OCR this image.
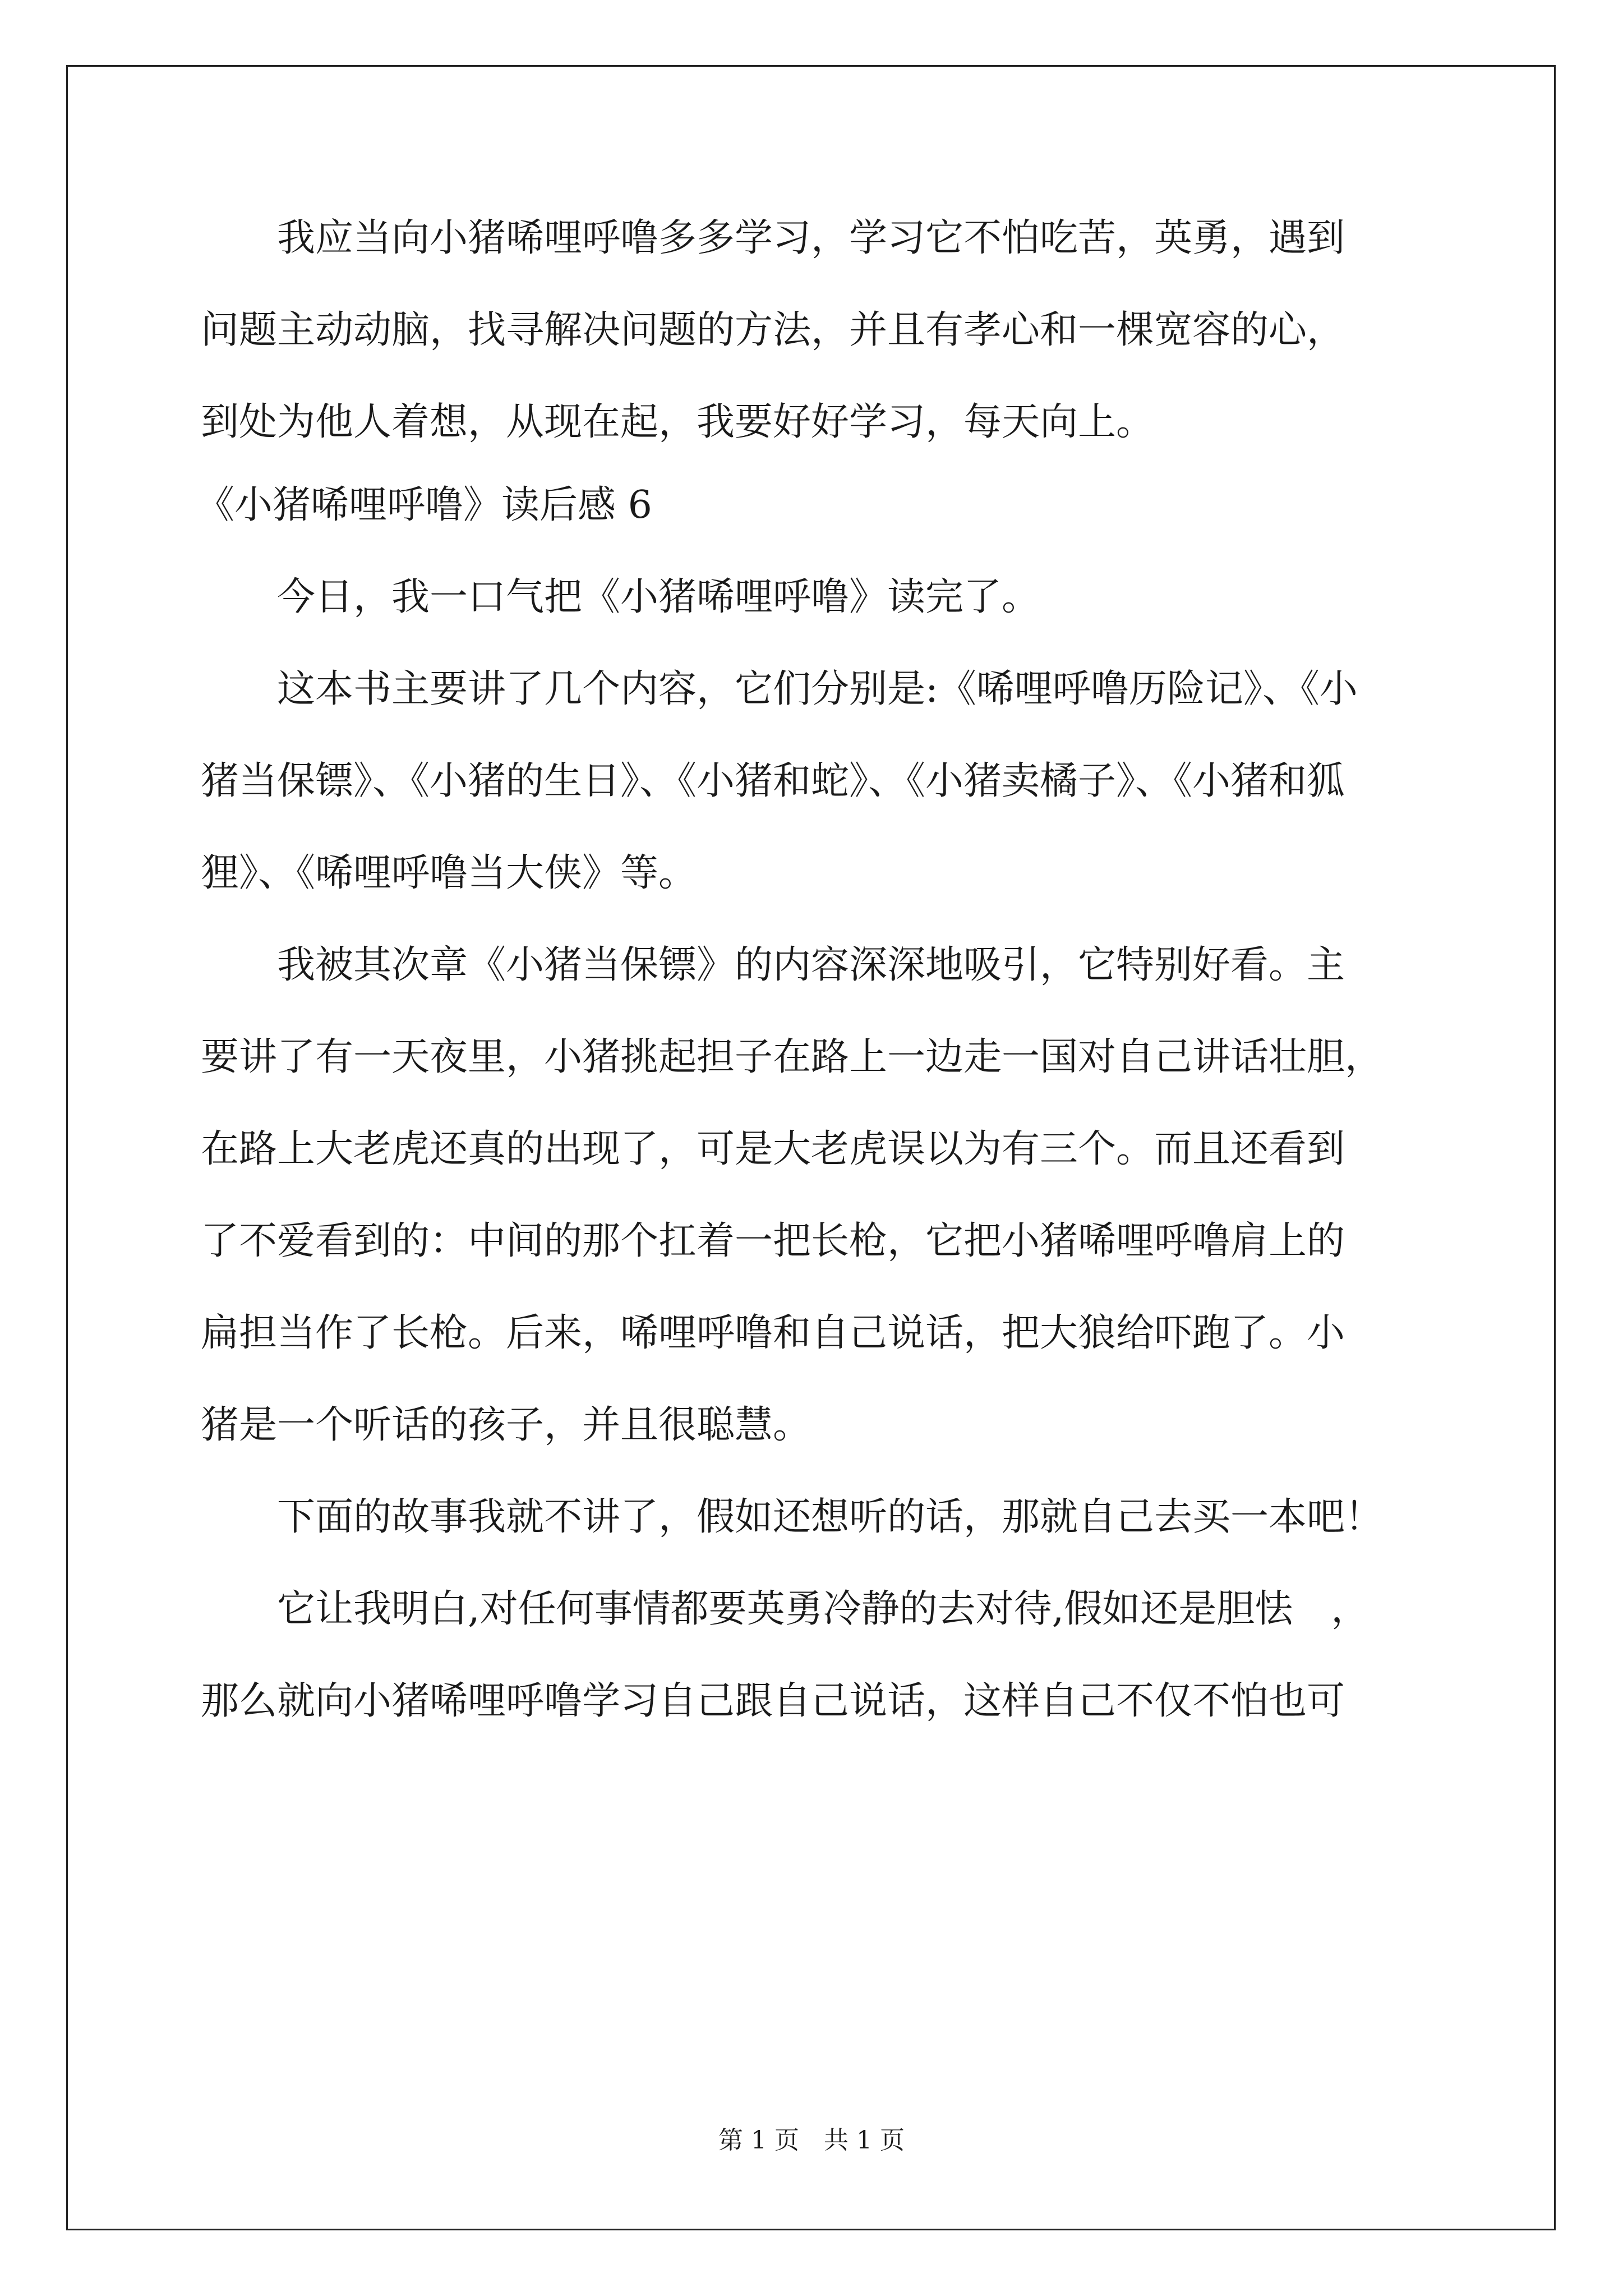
　　我应当向小猪唏哩呼噜多多学习，学习它不怕吃苦，英勇，遇到
问题主动动脑，找寻解决问题的方法，并且有孝心和一棵宽容的心，
到处为他人着想，从现在起，我要好好学习，每天向上。
《小猪唏哩呼噜》读后感 6
　　今日，我一口气把《小猪唏哩呼噜》读完了。
　　这本书主要讲了几个内容，它们分别是:《唏哩呼噜历险记》、《小
猪当保镖》、《小猪的生日》、《小猪和蛇》、《小猪卖橘子》、《小猪和狐
狸》、《唏哩呼噜当大侠》等。
　　我被其次章《小猪当保镖》的内容深深地吸引，它特别好看。主
要讲了有一天夜里，小猪挑起担子在路上一边走一国对自己讲话壮胆，
在路上大老虎还真的出现了，可是大老虎误以为有三个。而且还看到
了不爱看到的：中间的那个扛着一把长枪，它把小猪唏哩呼噜肩上的
扁担当作了长枪。后来，唏哩呼噜和自己说话，把大狼给吓跑了。小
猪是一个听话的孩子，并且很聪慧。
　　下面的故事我就不讲了，假如还想听的话，那就自己去买一本吧！
　　它让我明白,对任何事情都要英勇冷静的去对待,假如还是胆怯　，
那么就向小猪唏哩呼噜学习自己跟自己说话，这样自己不仅不怕也可
第 1 页　共 1 页
